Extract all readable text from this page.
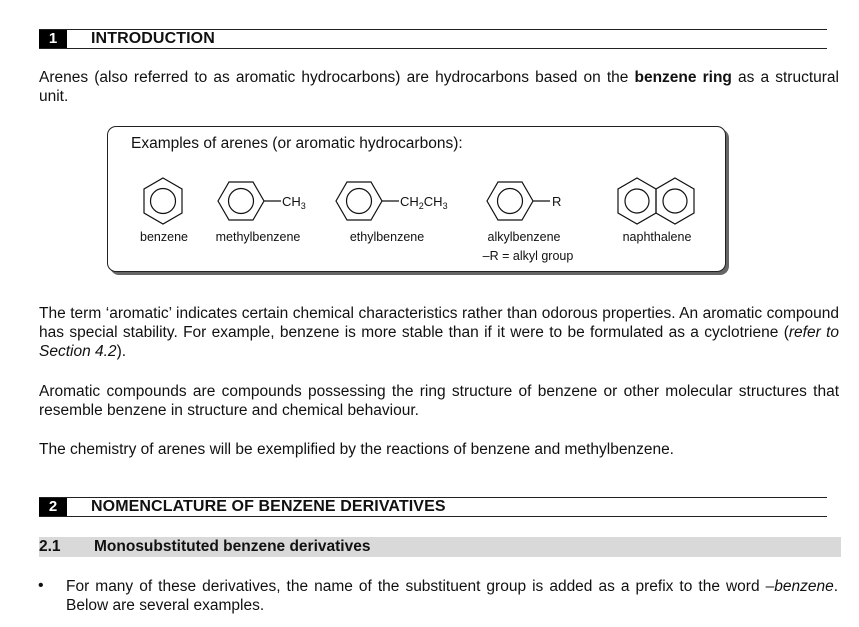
1	INTRODUCTION

Arenes (also referred to as aromatic hydrocarbons) are hydrocarbons based on the benzene ring as a structural unit.

Examples of arenes (or aromatic hydrocarbons):
$CH_3$	$CH_2CH_3$	R
benzene methylbenzene	ethylbenzene	alkylbenzene
–R = alkyl group
naphthalene

The term ‘aromatic’ indicates certain chemical characteristics rather than odorous properties. An aromatic compound has special stability. For example, benzene is more stable than if it were to be formulated as a cyclotriene (refer to Section 4.2).

Aromatic compounds are compounds possessing the ring structure of benzene or other molecular structures that resemble benzene in structure and chemical behaviour.

The chemistry of arenes will be exemplified by the reactions of benzene and methylbenzene.

2	NOMENCLATURE OF BENZENE DERIVATIVES
2.1 Monosubstituted benzene derivatives
• For many of these derivatives, the name of the substituent group is added as a prefix to the word –benzene. Below are several examples.
